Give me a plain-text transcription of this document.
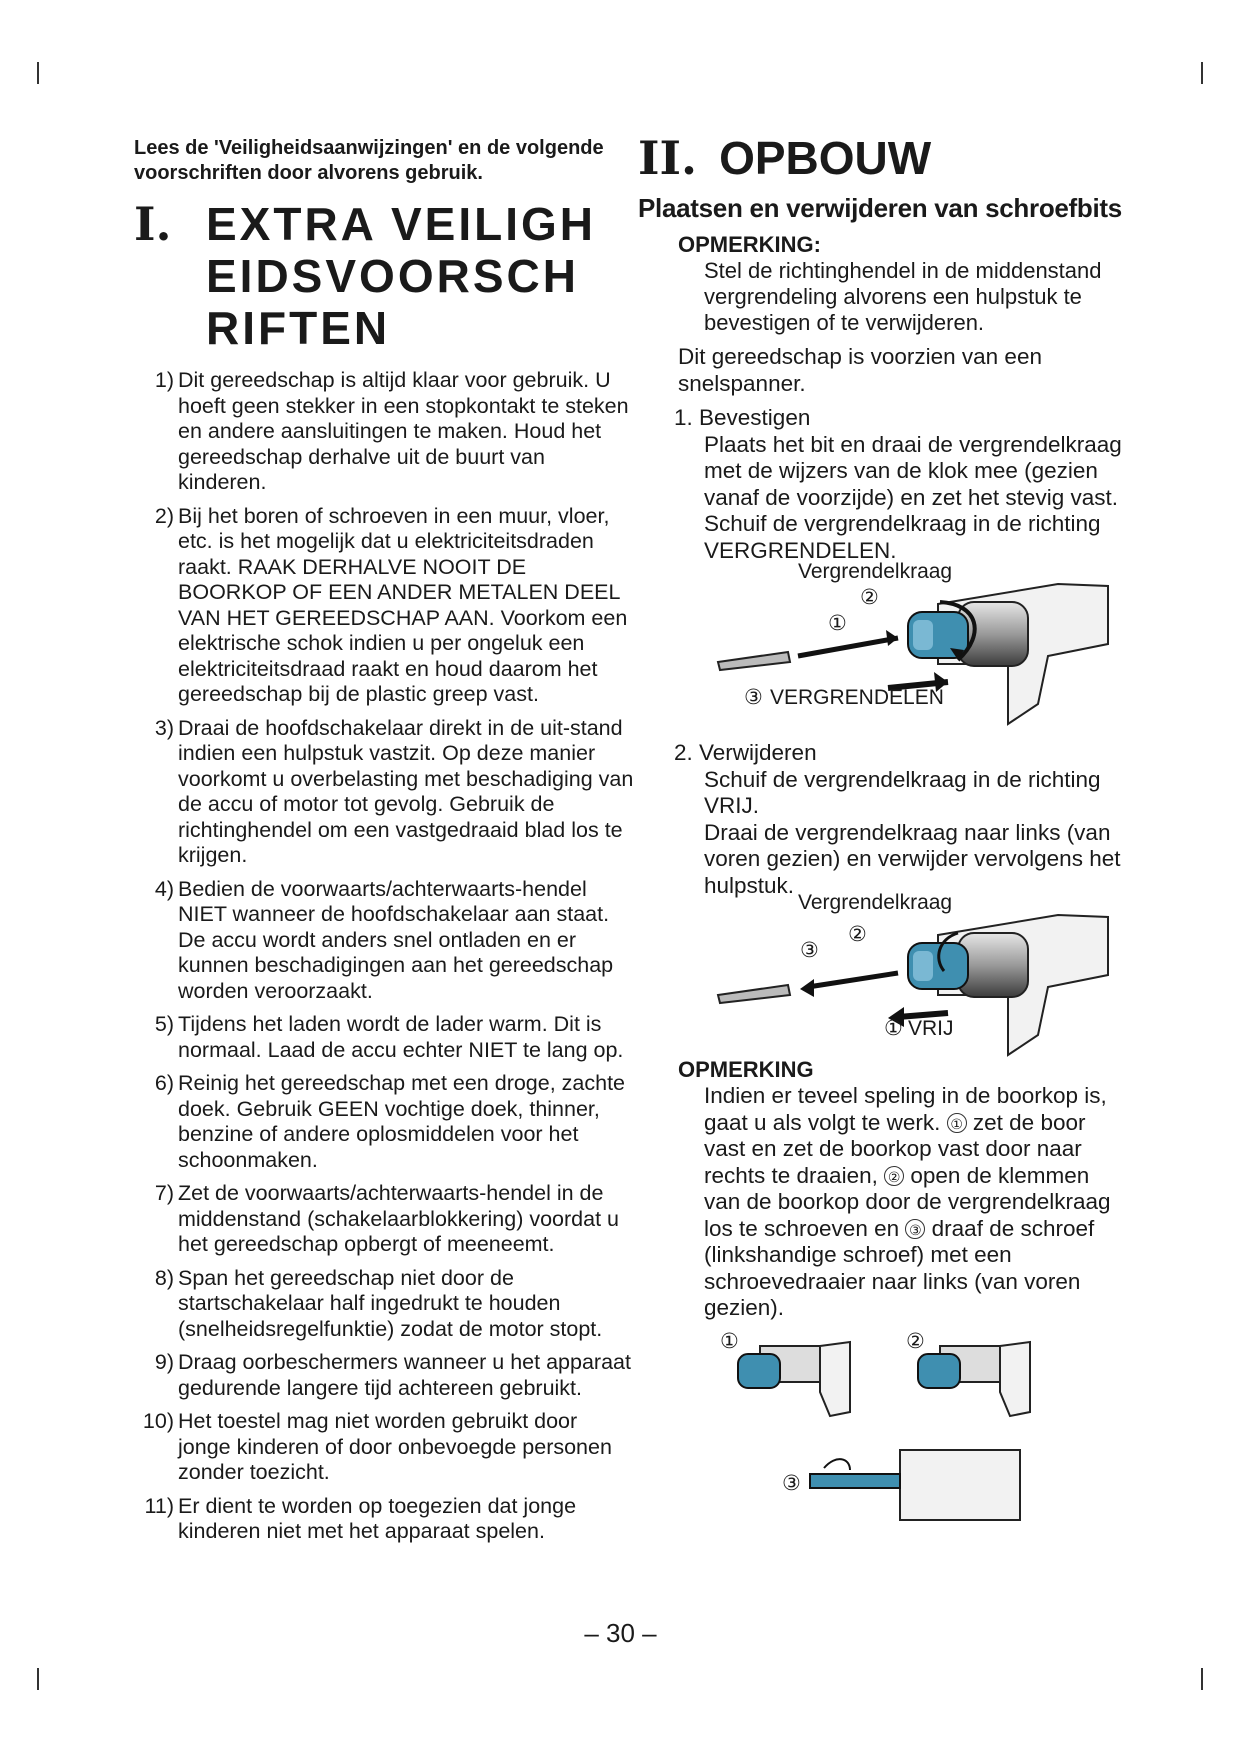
Lees de 'Veiligheidsaanwijzingen' en de volgende voorschriften door alvorens gebruik.

I. EXTRA VEILIGHEIDSVOORSCHRIFTEN
1) Dit gereedschap is altijd klaar voor gebruik. U hoeft geen stekker in een stopkontakt te steken en andere aansluitingen te maken. Houd het gereedschap derhalve uit de buurt van kinderen.
2) Bij het boren of schroeven in een muur, vloer, etc. is het mogelijk dat u elektriciteitsdraden raakt. RAAK DERHALVE NOOIT DE BOORKOP OF EEN ANDER METALEN DEEL VAN HET GEREEDSCHAP AAN. Voorkom een elektrische schok indien u per ongeluk een elektriciteitsdraad raakt en houd daarom het gereedschap bij de plastic greep vast.
3) Draai de hoofdschakelaar direkt in de uit-stand indien een hulpstuk vastzit. Op deze manier voorkomt u overbelasting met beschadiging van de accu of motor tot gevolg. Gebruik de richtinghendel om een vastgedraaid blad los te krijgen.
4) Bedien de voorwaarts/achterwaarts-hendel NIET wanneer de hoofdschakelaar aan staat. De accu wordt anders snel ontladen en er kunnen beschadigingen aan het gereedschap worden veroorzaakt.
5) Tijdens het laden wordt de lader warm. Dit is normaal. Laad de accu echter NIET te lang op.
6) Reinig het gereedschap met een droge, zachte doek. Gebruik GEEN vochtige doek, thinner, benzine of andere oplosmiddelen voor het schoonmaken.
7) Zet de voorwaarts/achterwaarts-hendel in de middenstand (schakelaarblokkering) voordat u het gereedschap opbergt of meeneemt.
8) Span het gereedschap niet door de startschakelaar half ingedrukt te houden (snelheidsregelfunktie) zodat de motor stopt.
9) Draag oorbeschermers wanneer u het apparaat gedurende langere tijd achtereen gebruikt.
10) Het toestel mag niet worden gebruikt door jonge kinderen of door onbevoegde personen zonder toezicht.
11) Er dient te worden op toegezien dat jonge kinderen niet met het apparaat spelen.
II. OPBOUW
Plaatsen en verwijderen van schroefbits
OPMERKING:
Stel de richtinghendel in de middenstand vergrendeling alvorens een hulpstuk te bevestigen of te verwijderen.
Dit gereedschap is voorzien van een snelspanner.
1. Bevestigen
Plaats het bit en draai de vergrendelkraag met de wijzers van de klok mee (gezien vanaf de voorzijde) en zet het stevig vast.
Schuif de vergrendelkraag in de richting VERGRENDELEN.
Vergrendelkraag
②
①
③ VERGRENDELEN
2. Verwijderen
Schuif de vergrendelkraag in de richting VRIJ.
Draai de vergrendelkraag naar links (van voren gezien) en verwijder vervolgens het hulpstuk.
Vergrendelkraag
②
③
① VRIJ
OPMERKING
Indien er teveel speling in de boorkop is, gaat u als volgt te werk. ① zet de boor vast en zet de boorkop vast door naar rechts te draaien, ② open de klemmen van de boorkop door de vergrendelkraag los te schroeven en ③ draaf de schroef (linkshandige schroef) met een schroevedraaier naar links (van voren gezien).
①	②
③
– 30 –
